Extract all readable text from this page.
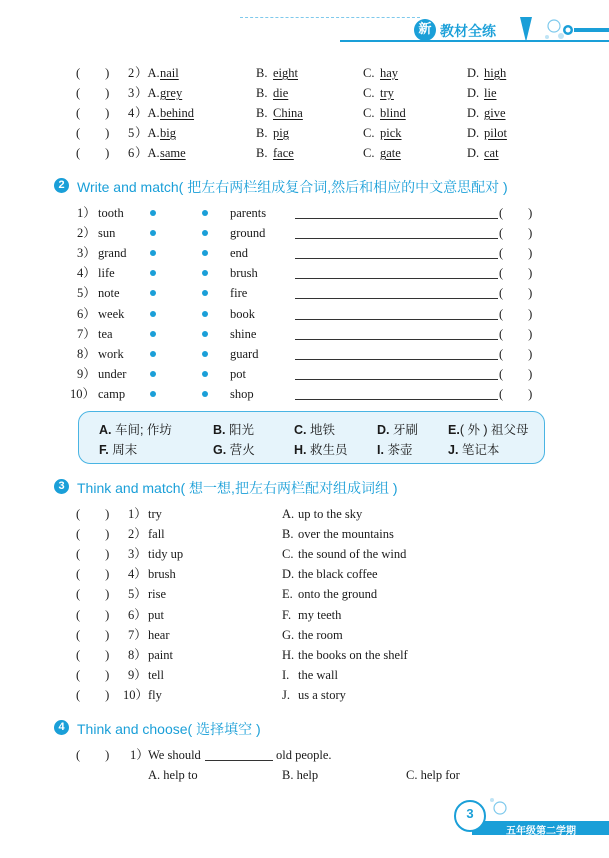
新 教材全练
(        ) 2 ）A. nail	B. eight	C. hay	D. high
(        ) 3 ）A. grey	B. die	C. try	D. lie
(        ) 4 ）A. behind	B. China	C. blind	D. give
(        ) 5 ）A. big	B. pig	C. pick	D. pilot
(        ) 6 ）A. same	B. face	C. gate	D. cat
2 Write and match( 把左右两栏组成复合词,然后和相应的中文意思配对 )
1） tooth	parents	(        )
2） sun	ground	(        )
3） grand	end	(        )
4） life	brush	(        )
5） note	fire	(        )
6） week	book	(        )
7） tea	shine	(        )
8） work	guard	(        )
9） under	pot	(        )
10） camp	shop	(        )
A. 车间; 作坊	B. 阳光	C. 地铁	D. 牙刷 E.( 外 ) 祖父母
F. 周末	G. 营火	H. 救生员 I. 茶壶	J. 笔记本
3 Think and match( 想一想,把左右两栏配对组成词组 )
(        ) 1） try	A. up to the sky
(        ) 2） fall	B. over the mountains
(        ) 3） tidy up	C. the sound of the wind
(        ) 4） brush	D. the black coffee
(        ) 5） rise	E. onto the ground
(        ) 6） put	F. my teeth
(        ) 7） hear	G. the room
(        ) 8） paint	H. the books on the shelf
(        ) 9） tell	I. the wall
(        ) 10） fly	J. us a story
4 Think and choose( 选择填空 )
(        ) 1） We should	old people.
A. help to	B. help	C. help for
3
五年级第二学期
